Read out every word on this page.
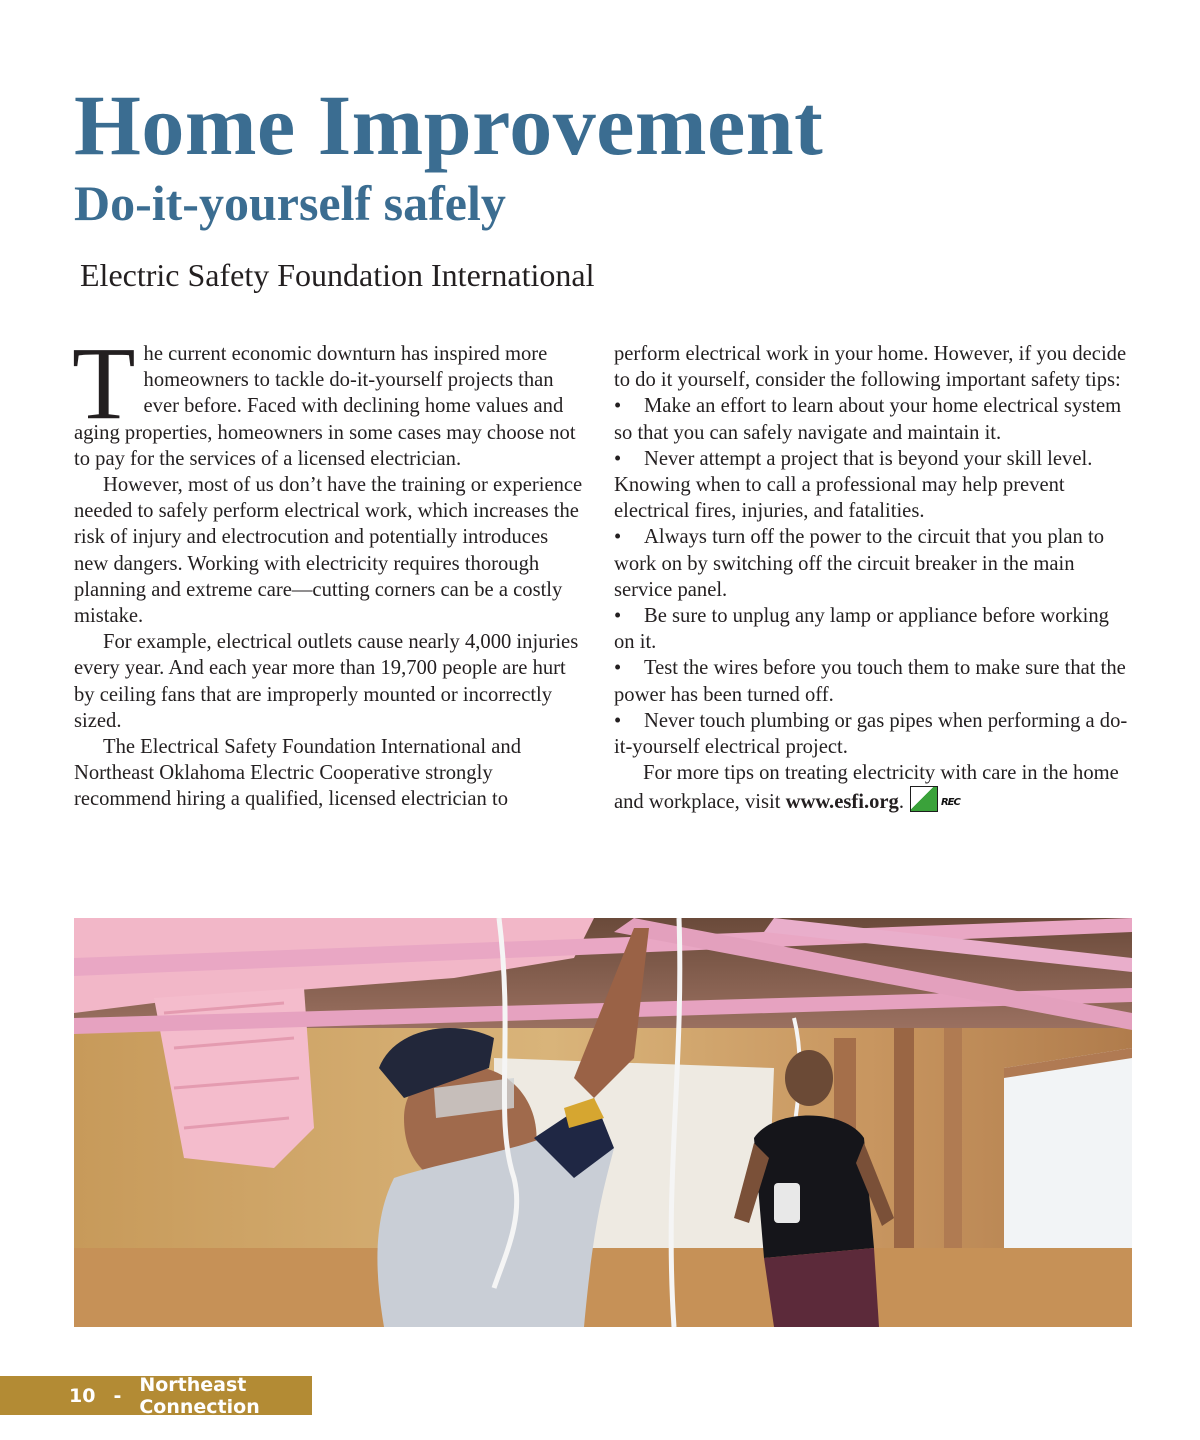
Home Improvement
Do-it-yourself safely
Electric Safety Foundation International

The current economic downturn has inspired more homeowners to tackle do-it-yourself projects than ever before. Faced with declining home values and aging properties, homeowners in some cases may choose not to pay for the services of a licensed electrician.

However, most of us don’t have the training or experience needed to safely perform electrical work, which increases the risk of injury and electrocution and potentially introduces new dangers. Working with electricity requires thorough planning and extreme care—cutting corners can be a costly mistake.

For example, electrical outlets cause nearly 4,000 injuries every year. And each year more than 19,700 people are hurt by ceiling fans that are improperly mounted or incorrectly sized.

The Electrical Safety Foundation International and Northeast Oklahoma Electric Cooperative strongly recommend hiring a qualified, licensed electrician to

perform electrical work in your home. However, if you decide to do it yourself, consider the following important safety tips:

• Make an effort to learn about your home electrical system so that you can safely navigate and maintain it.

• Never attempt a project that is beyond your skill level. Knowing when to call a professional may help prevent electrical fires, injuries, and fatalities.

• Always turn off the power to the circuit that you plan to work on by switching off the circuit breaker in the main service panel.

• Be sure to unplug any lamp or appliance before working on it.

• Test the wires before you touch them to make sure that the power has been turned off.

• Never touch plumbing or gas pipes when performing a do-it-yourself electrical project.

For more tips on treating electricity with care in the home and workplace, visit www.esfi.org.	REC

10 - Northeast Connection
